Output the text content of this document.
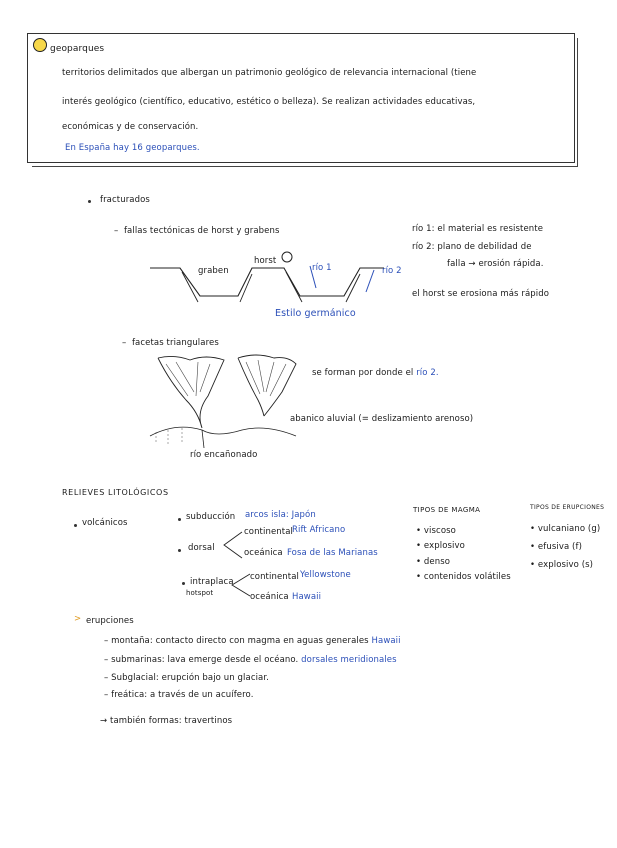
geoparques
territorios delimitados que albergan un patrimonio geológico de relevancia internacional (tiene
interés geológico (científico, educativo, estético o belleza). Se realizan actividades educativas,
económicas y de conservación.
En España hay 16 geoparques.
fracturados
–  fallas tectónicas de horst y grabens
graben
horst
río 1	río 2
Estilo germánico
río 1: el material es resistente
río 2: plano de debilidad de
falla → erosión rápida.
el horst se erosiona más rápido
–  facetas triangulares
se forman por donde el río 2.
abanico aluvial (= deslizamiento arenoso)
río encañonado
RELIEVES LITOLÓGICOS
volcánicos
subducción arcos isla: Japón
dorsal
continental Rift Africano
oceánica Fosa de las Marianas
intraplaca
hotspot
continental Yellowstone
oceánica Hawaii
TIPOS DE MAGMA
• viscoso
• explosivo
• denso
• contenidos volátiles
TIPOS DE ERUPCIONES
• vulcaniano (g)
• efusiva (f)
• explosivo (s)
> erupciones
– montaña: contacto directo con magma en aguas generales Hawaii
– submarinas: lava emerge desde el océano. dorsales meridionales
– Subglacial: erupción bajo un glaciar.
– freática: a través de un acuífero.
→ también formas: travertinos
